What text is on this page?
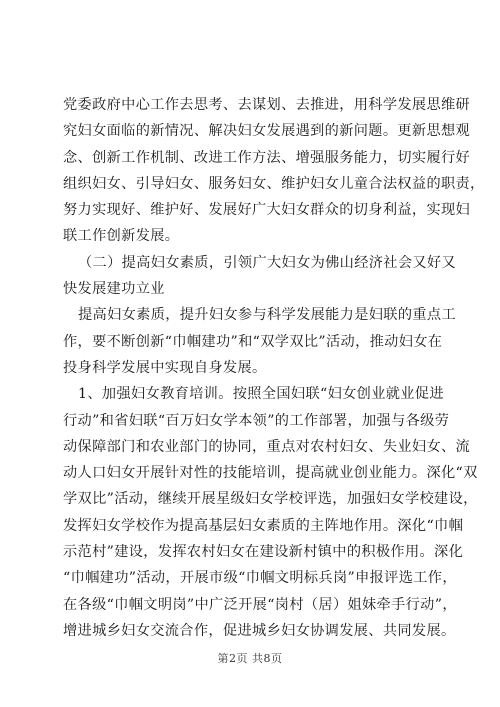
党委政府中心工作去思考、去谋划、去推进，用科学发展思维研
究妇女面临的新情况、解决妇女发展遇到的新问题。更新思想观
念、创新工作机制、改进工作方法、增强服务能力，切实履行好
组织妇女、引导妇女、服务妇女、维护妇女儿童合法权益的职责，
努力实现好、维护好、发展好广大妇女群众的切身利益，实现妇
联工作创新发展。
（二）提高妇女素质，引领广大妇女为佛山经济社会又好又
快发展建功立业
提高妇女素质，提升妇女参与科学发展能力是妇联的重点工
作，要不断创新“巾帼建功”和“双学双比”活动，推动妇女在
投身科学发展中实现自身发展。
1、加强妇女教育培训。按照全国妇联“妇女创业就业促进
行动”和省妇联“百万妇女学本领”的工作部署，加强与各级劳
动保障部门和农业部门的协同，重点对农村妇女、失业妇女、流
动人口妇女开展针对性的技能培训，提高就业创业能力。深化“双
学双比”活动，继续开展星级妇女学校评选，加强妇女学校建设，
发挥妇女学校作为提高基层妇女素质的主阵地作用。深化“巾帼
示范村”建设，发挥农村妇女在建设新村镇中的积极作用。深化
“巾帼建功”活动，开展市级“巾帼文明标兵岗”申报评选工作，
在各级“巾帼文明岗”中广泛开展“岗村（居）姐妹牵手行动”，
增进城乡妇女交流合作，促进城乡妇女协调发展、共同发展。
第2页 共8页
